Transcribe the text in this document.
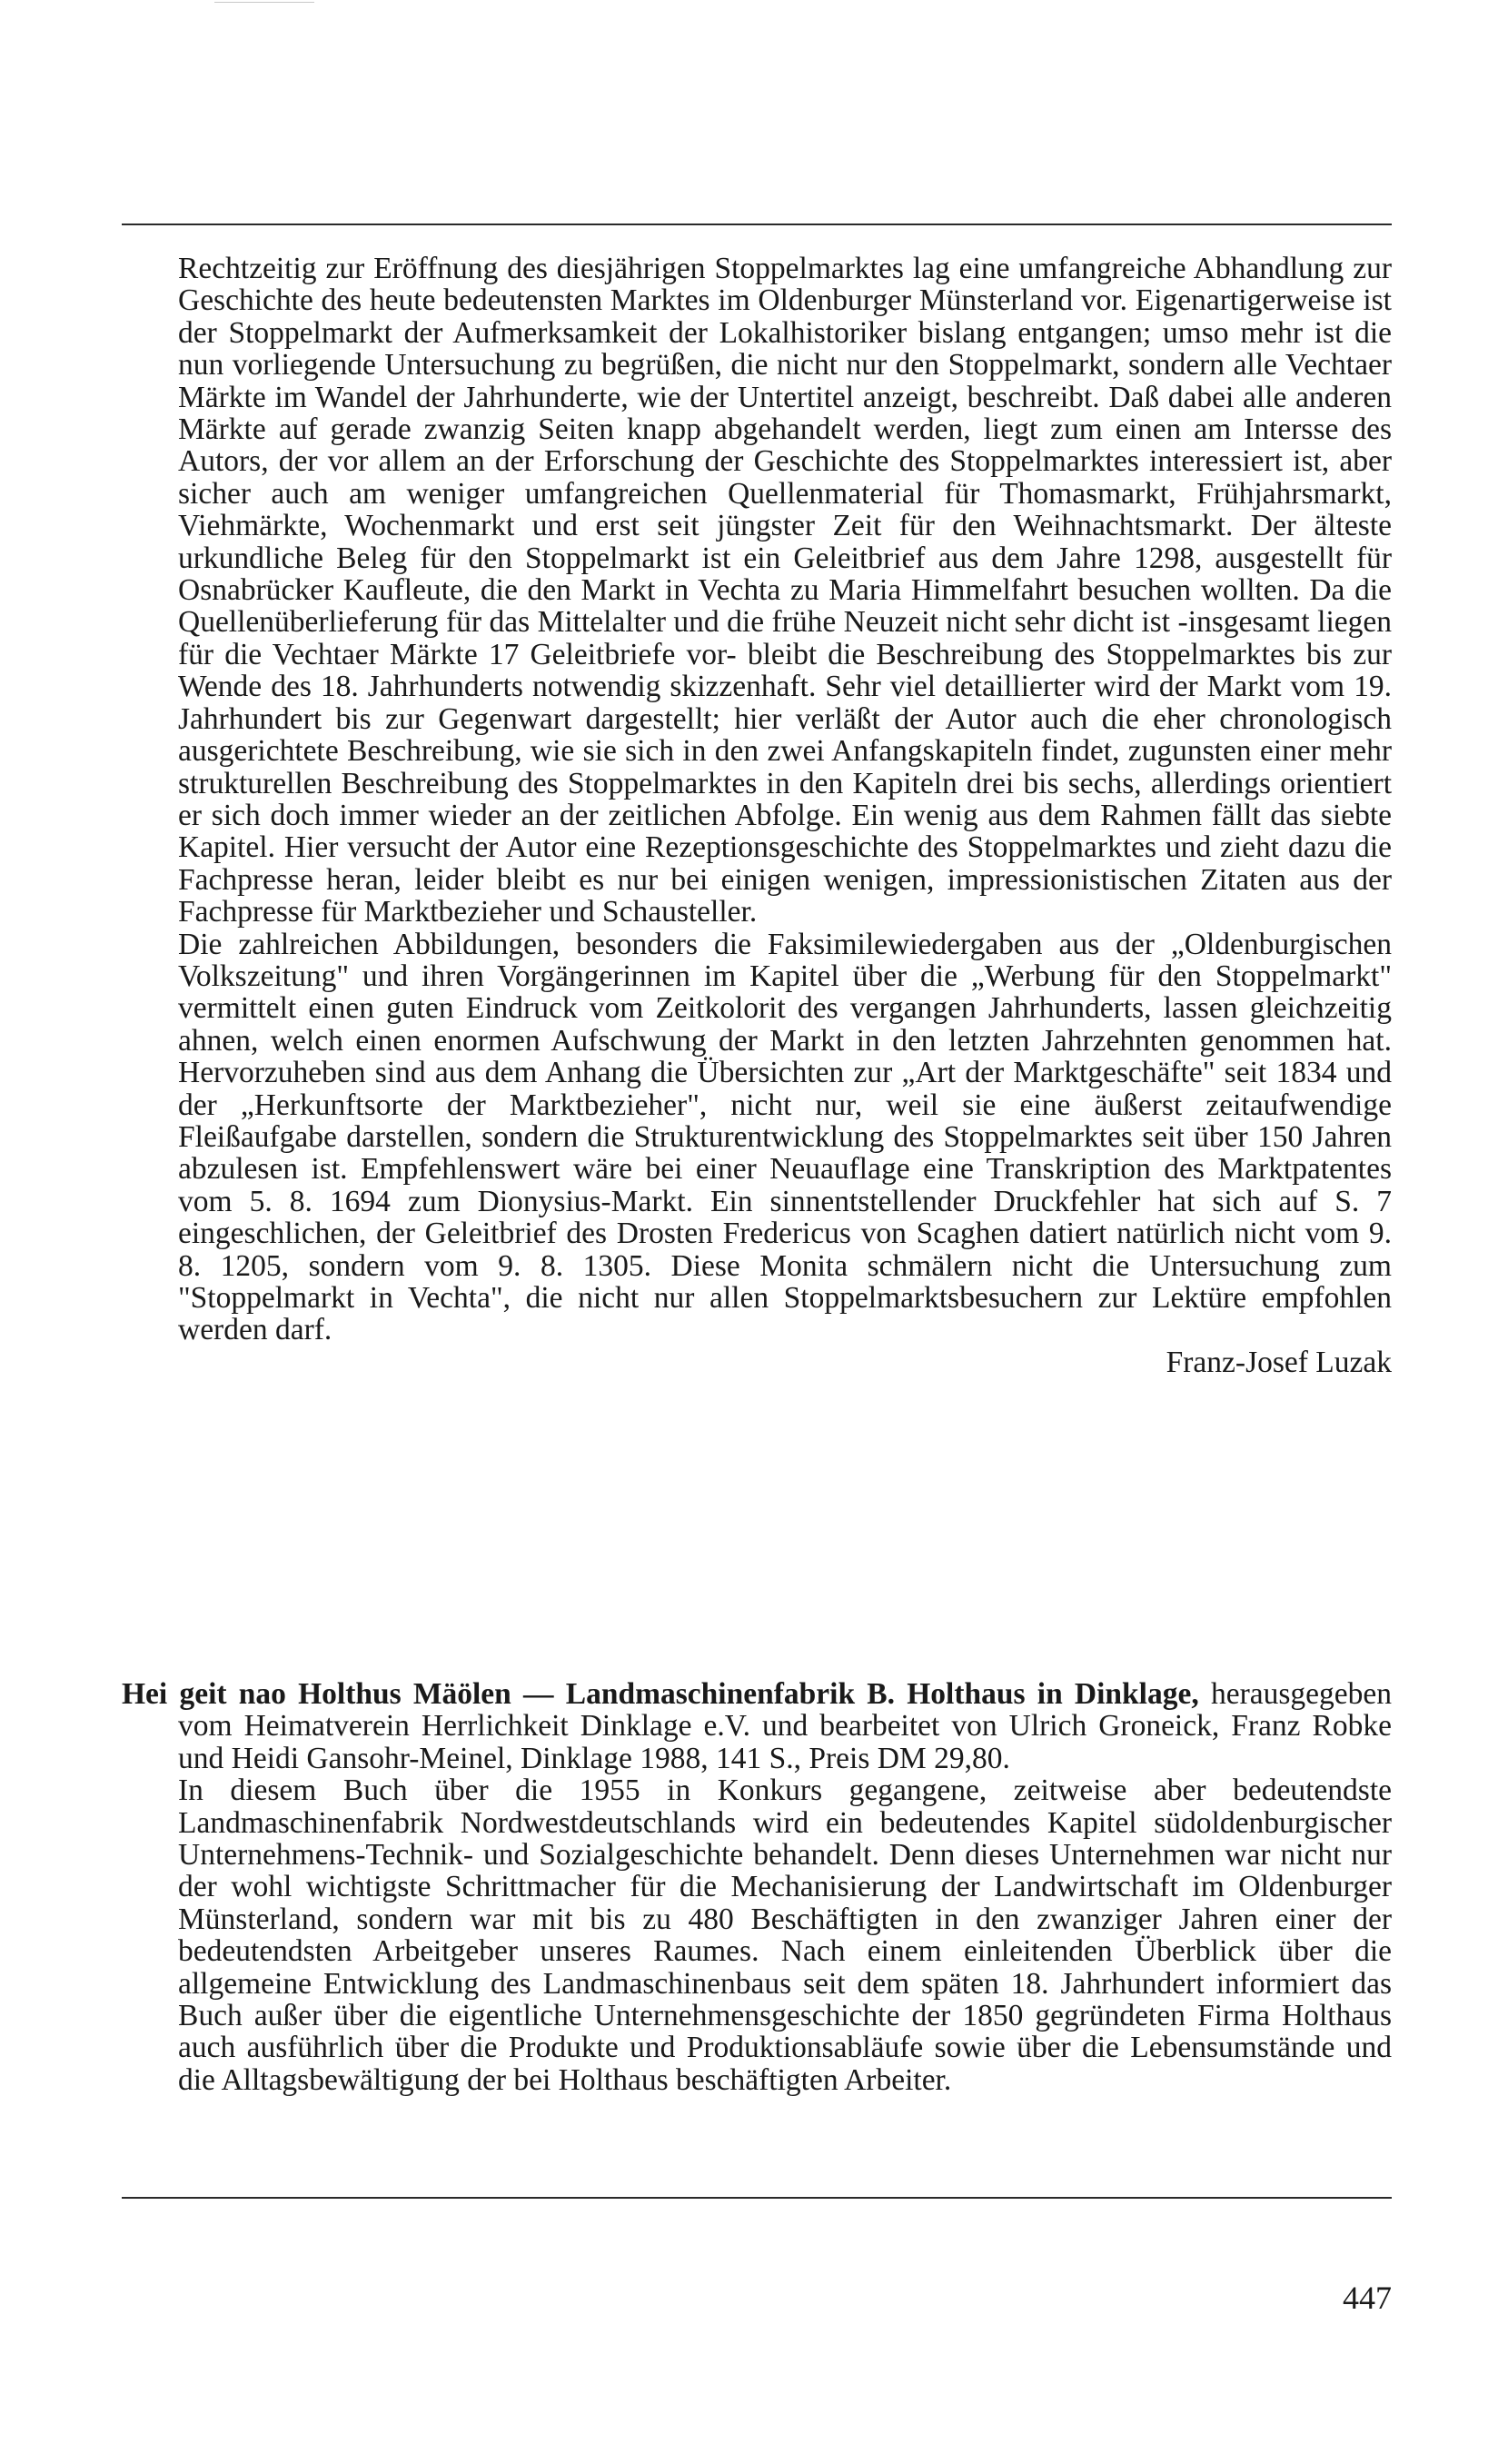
Rechtzeitig zur Eröffnung des diesjährigen Stoppelmarktes lag eine umfangreiche Abhandlung zur Geschichte des heute bedeutensten Marktes im Oldenburger Münsterland vor. Eigenartigerweise ist der Stoppelmarkt der Aufmerksamkeit der Lokalhistoriker bislang entgangen; umso mehr ist die nun vorliegende Untersuchung zu begrüßen, die nicht nur den Stoppelmarkt, sondern alle Vechtaer Märkte im Wandel der Jahrhunderte, wie der Untertitel anzeigt, beschreibt. Daß dabei alle anderen Märkte auf gerade zwanzig Seiten knapp abgehandelt werden, liegt zum einen am Intersse des Autors, der vor allem an der Erforschung der Geschichte des Stoppelmarktes interessiert ist, aber sicher auch am weniger umfangreichen Quellenmaterial für Thomasmarkt, Frühjahrsmarkt, Viehmärkte, Wochenmarkt und erst seit jüngster Zeit für den Weihnachtsmarkt. Der älteste urkundliche Beleg für den Stoppelmarkt ist ein Geleitbrief aus dem Jahre 1298, ausgestellt für Osnabrücker Kaufleute, die den Markt in Vechta zu Maria Himmelfahrt besuchen wollten. Da die Quellenüberlieferung für das Mittelalter und die frühe Neuzeit nicht sehr dicht ist -insgesamt liegen für die Vechtaer Märkte 17 Geleitbriefe vor- bleibt die Beschreibung des Stoppelmarktes bis zur Wende des 18. Jahrhunderts notwendig skizzenhaft. Sehr viel detaillierter wird der Markt vom 19. Jahrhundert bis zur Gegenwart dargestellt; hier verläßt der Autor auch die eher chronologisch ausgerichtete Beschreibung, wie sie sich in den zwei Anfangskapiteln findet, zugunsten einer mehr strukturellen Beschreibung des Stoppelmarktes in den Kapiteln drei bis sechs, allerdings orientiert er sich doch immer wieder an der zeitlichen Abfolge. Ein wenig aus dem Rahmen fällt das siebte Kapitel. Hier versucht der Autor eine Rezeptionsgeschichte des Stoppelmarktes und zieht dazu die Fachpresse heran, leider bleibt es nur bei einigen wenigen, impressionistischen Zitaten aus der Fachpresse für Marktbezieher und Schausteller.

Die zahlreichen Abbildungen, besonders die Faksimilewiedergaben aus der „Oldenburgischen Volkszeitung" und ihren Vorgängerinnen im Kapitel über die „Werbung für den Stoppelmarkt" vermittelt einen guten Eindruck vom Zeitkolorit des vergangen Jahrhunderts, lassen gleichzeitig ahnen, welch einen enormen Aufschwung der Markt in den letzten Jahrzehnten genommen hat. Hervorzuheben sind aus dem Anhang die Übersichten zur „Art der Marktgeschäfte" seit 1834 und der „Herkunftsorte der Marktbezieher", nicht nur, weil sie eine äußerst zeitaufwendige Fleißaufgabe darstellen, sondern die Strukturentwicklung des Stoppelmarktes seit über 150 Jahren abzulesen ist. Empfehlenswert wäre bei einer Neuauflage eine Transkription des Marktpatentes vom 5. 8. 1694 zum Dionysius-Markt. Ein sinnentstellender Druckfehler hat sich auf S. 7 eingeschlichen, der Geleitbrief des Drosten Fredericus von Scaghen datiert natürlich nicht vom 9. 8. 1205, sondern vom 9. 8. 1305. Diese Monita schmälern nicht die Untersuchung zum "Stoppelmarkt in Vechta", die nicht nur allen Stoppelmarktsbesuchern zur Lektüre empfohlen werden darf.

Franz-Josef Luzak

Hei geit nao Holthus Mäölen — Landmaschinenfabrik B. Holthaus in Dinklage, herausgegeben vom Heimatverein Herrlichkeit Dinklage e.V. und bearbeitet von Ulrich Groneick, Franz Robke und Heidi Gansohr-Meinel, Dinklage 1988, 141 S., Preis DM 29,80.

In diesem Buch über die 1955 in Konkurs gegangene, zeitweise aber bedeutendste Landmaschinenfabrik Nordwestdeutschlands wird ein bedeutendes Kapitel südoldenburgischer Unternehmens-Technik- und Sozialgeschichte behandelt. Denn dieses Unternehmen war nicht nur der wohl wichtigste Schrittmacher für die Mechanisierung der Landwirtschaft im Oldenburger Münsterland, sondern war mit bis zu 480 Beschäftigten in den zwanziger Jahren einer der bedeutendsten Arbeitgeber unseres Raumes. Nach einem einleitenden Überblick über die allgemeine Entwicklung des Landmaschinenbaus seit dem späten 18. Jahrhundert informiert das Buch außer über die eigentliche Unternehmensgeschichte der 1850 gegründeten Firma Holthaus auch ausführlich über die Produkte und Produktionsabläufe sowie über die Lebensumstände und die Alltagsbewältigung der bei Holthaus beschäftigten Arbeiter.

447
